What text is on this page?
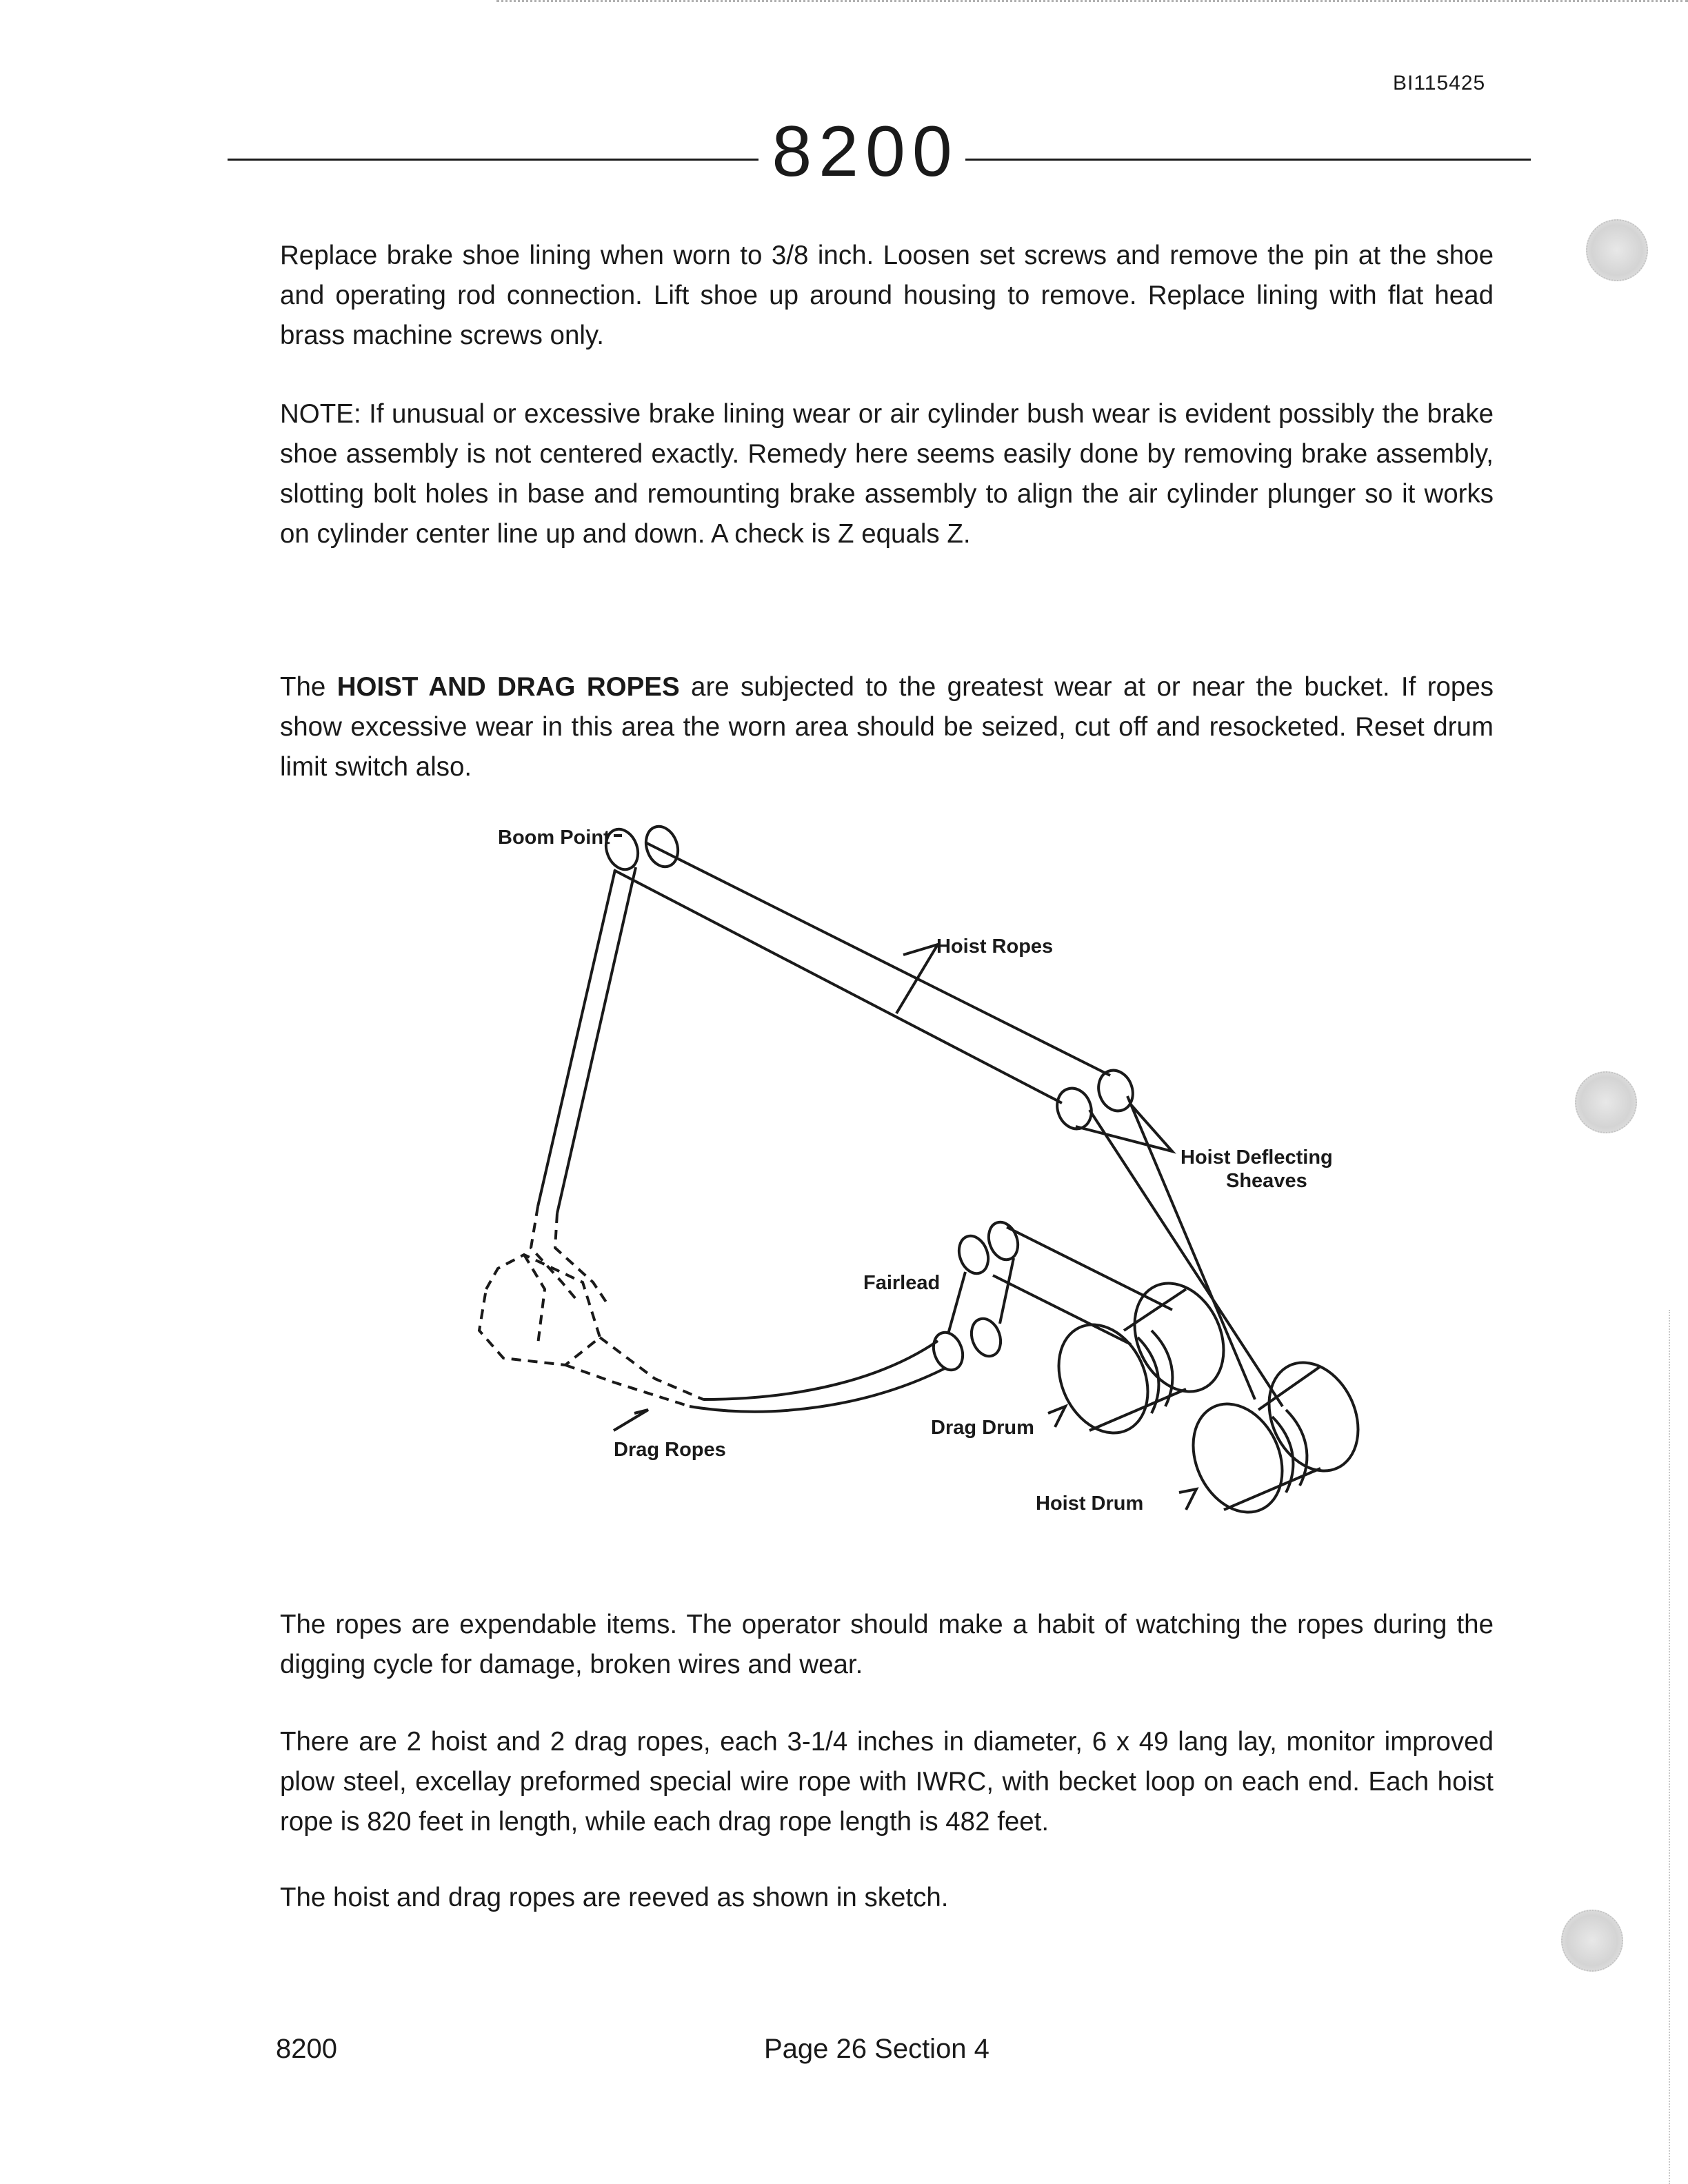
BI115425
8200
Replace brake shoe lining when worn to 3/8 inch. Loosen set screws and remove the pin at the shoe and operating rod connection. Lift shoe up around housing to remove. Replace lining with flat head brass machine screws only.
NOTE: If unusual or excessive brake lining wear or air cylinder bush wear is evident possibly the brake shoe assembly is not centered exactly. Remedy here seems easily done by removing brake assembly, slotting bolt holes in base and remounting brake assembly to align the air cylinder plunger so it works on cylinder center line up and down. A check is Z equals Z.
The HOIST AND DRAG ROPES are subjected to the greatest wear at or near the bucket. If ropes show excessive wear in this area the worn area should be seized, cut off and resocketed. Reset drum limit switch also.
Boom Point
Hoist Ropes
Hoist Deflecting
Sheaves
Fairlead
Drag Drum
Drag Ropes
Hoist Drum
The ropes are expendable items. The operator should make a habit of watching the ropes during the digging cycle for damage, broken wires and wear.
There are 2 hoist and 2 drag ropes, each 3-1/4 inches in diameter, 6 x 49 lang lay, monitor improved plow steel, excellay preformed special wire rope with IWRC, with becket loop on each end. Each hoist rope is 820 feet in length, while each drag rope length is 482 feet.
The hoist and drag ropes are reeved as shown in sketch.
8200	Page 26 Section 4
